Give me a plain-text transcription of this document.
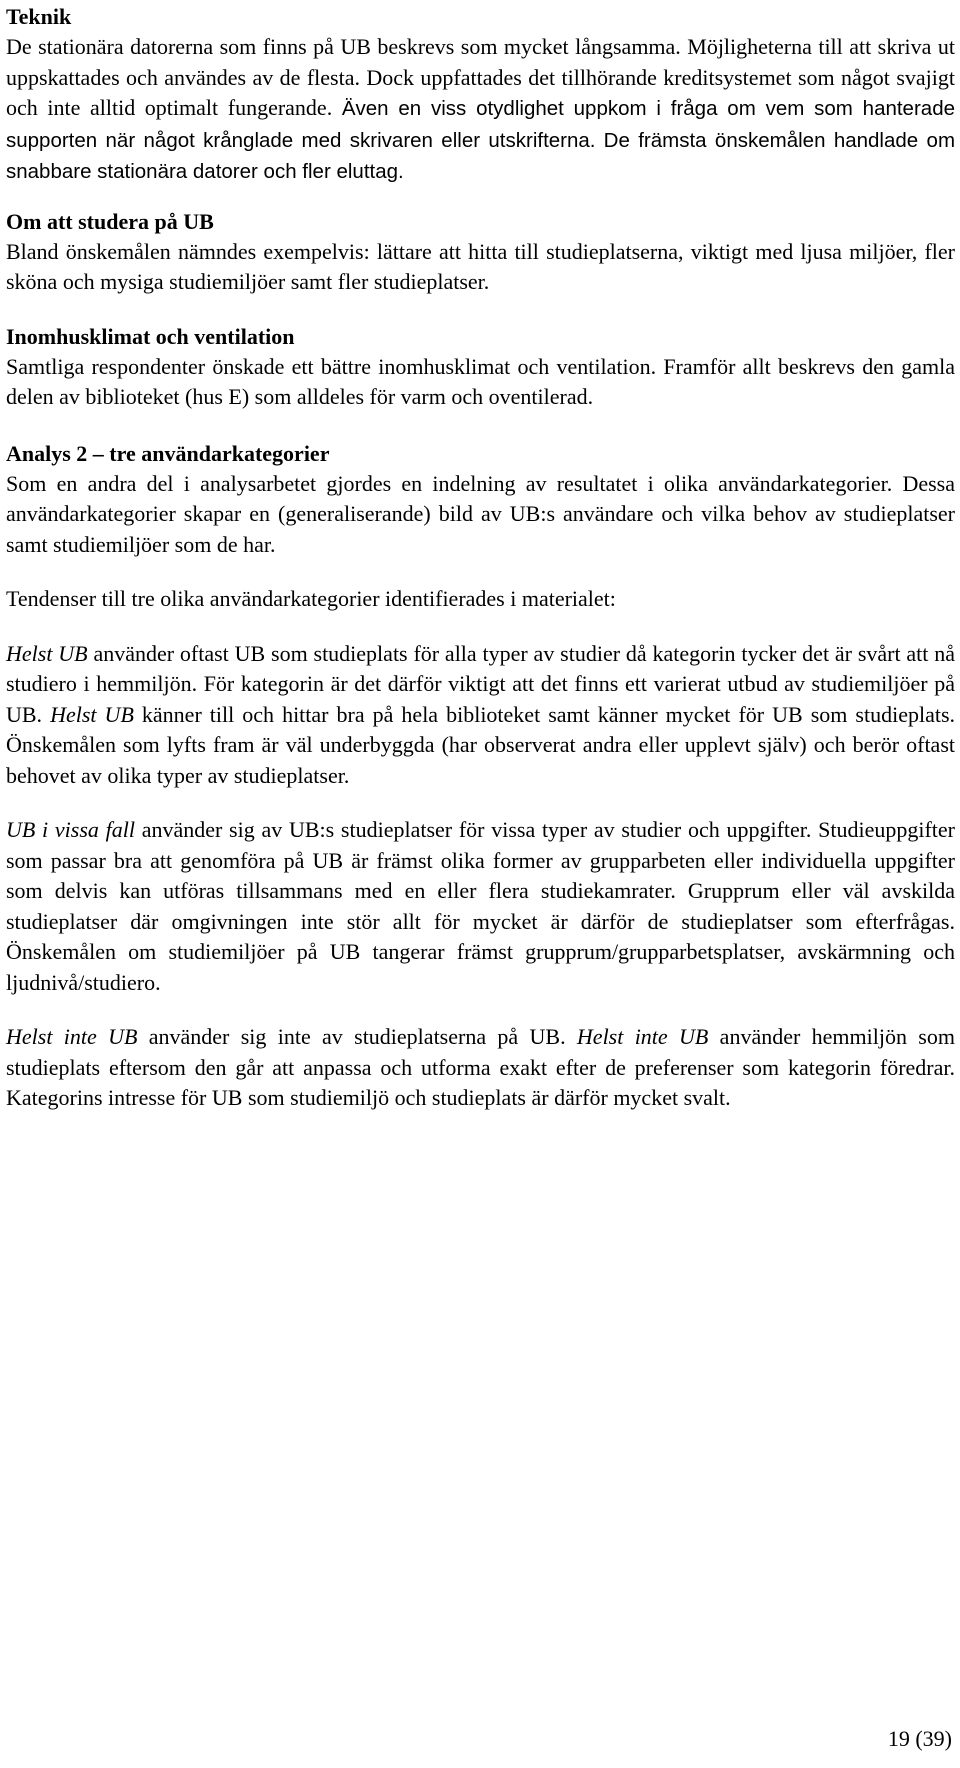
Teknik

De stationära datorerna som finns på UB beskrevs som mycket långsamma. Möjligheterna till att skriva ut uppskattades och användes av de flesta. Dock uppfattades det tillhörande kreditsystemet som något svajigt och inte alltid optimalt fungerande. Även en viss otydlighet uppkom i fråga om vem som hanterade supporten när något krånglade med skrivaren eller utskrifterna. De främsta önskemålen handlade om snabbare stationära datorer och fler eluttag.

Om att studera på UB

Bland önskemålen nämndes exempelvis: lättare att hitta till studieplatserna, viktigt med ljusa miljöer, fler sköna och mysiga studiemiljöer samt fler studieplatser.

Inomhusklimat och ventilation

Samtliga respondenter önskade ett bättre inomhusklimat och ventilation. Framför allt beskrevs den gamla delen av biblioteket (hus E) som alldeles för varm och oventilerad.

Analys 2 – tre användarkategorier

Som en andra del i analysarbetet gjordes en indelning av resultatet i olika användarkategorier. Dessa användarkategorier skapar en (generaliserande) bild av UB:s användare och vilka behov av studieplatser samt studiemiljöer som de har.

Tendenser till tre olika användarkategorier identifierades i materialet:

Helst UB använder oftast UB som studieplats för alla typer av studier då kategorin tycker det är svårt att nå studiero i hemmiljön. För kategorin är det därför viktigt att det finns ett varierat utbud av studiemiljöer på UB. Helst UB känner till och hittar bra på hela biblioteket samt känner mycket för UB som studieplats. Önskemålen som lyfts fram är väl underbyggda (har observerat andra eller upplevt själv) och berör oftast behovet av olika typer av studieplatser.

UB i vissa fall använder sig av UB:s studieplatser för vissa typer av studier och uppgifter. Studieuppgifter som passar bra att genomföra på UB är främst olika former av grupparbeten eller individuella uppgifter som delvis kan utföras tillsammans med en eller flera studiekamrater. Grupprum eller väl avskilda studieplatser där omgivningen inte stör allt för mycket är därför de studieplatser som efterfrågas. Önskemålen om studiemiljöer på UB tangerar främst grupprum/grupparbetsplatser, avskärmning och ljudnivå/studiero.

Helst inte UB använder sig inte av studieplatserna på UB. Helst inte UB använder hemmiljön som studieplats eftersom den går att anpassa och utforma exakt efter de preferenser som kategorin föredrar. Kategorins intresse för UB som studiemiljö och studieplats är därför mycket svalt.

19 (39)
